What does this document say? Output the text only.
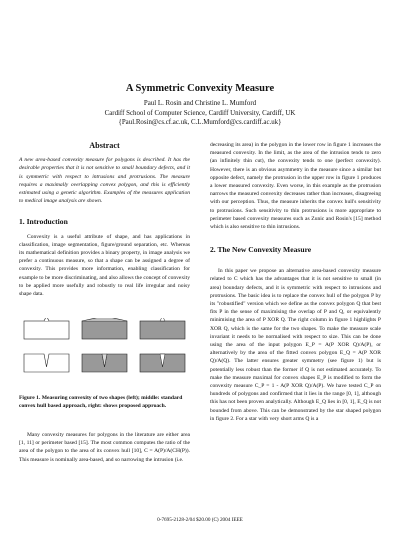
A Symmetric Convexity Measure
Paul L. Rosin and Christine L. Mumford
Cardiff School of Computer Science, Cardiff University, Cardiff, UK
{Paul.Rosin@cs.cf.ac.uk, C.L.Mumford@cs.cardiff.ac.uk}

Abstract

A new area-based convexity measure for polygons is described. It has the desirable properties that it is not sensitive to small boundary defects, and it is symmetric with respect to intrusions and protrusions. The measure requires a maximally overlapping convex polygon, and this is efficiently estimated using a genetic algorithm. Examples of the measures application to medical image analysis are shown.

1. Introduction

Convexity is a useful attribute of shape, and has applications in classification, image segmentation, figure/ground separation, etc. Whereas its mathematical definition provides a binary property, in image analysis we prefer a continuous measure, so that a shape can be assigned a degree of convexity. This provides more information, enabling classification for example to be more discriminating, and also allows the concept of convexity to be applied more usefully and robustly to real life irregular and noisy shape data.

Figure 1. Measuring convexity of two shapes (left); middle: standard convex hull based approach, right: shows proposed approach.

Many convexity measures for polygons in the literature are either area [1, 11] or perimeter based [15]. The most common computes the ratio of the area of the polygon to the area of its convex hull [10], C = A(P)/A(CH(P)). This measure is nominally area-based, and so narrowing the intrusion (i.e.

decreasing its area) in the polygon in the lower row in figure 1 increases the measured convexity. In the limit, as the area of the intrusion tends to zero (an infinitely thin cut), the convexity tends to one (perfect convexity). However, there is an obvious asymmetry in the measure since a similar but opposite defect, namely the protrusion in the upper row in figure 1 produces a lower measured convexity. Even worse, in this example as the protrusion narrows the measured convexity decreases rather than increases, disagreeing with our perception. Thus, the measure inherits the convex hull's sensitivity to protrusions. Such sensitivity to thin protrusions is more appropriate to perimeter based convexity measures such as Zunic and Rosin's [15] method which is also sensitive to thin intrusions.

2. The New Convexity Measure

In this paper we propose an alternative area-based convexity measure related to C which has the advantages that it is not sensitive to small (in area) boundary defects, and it is symmetric with respect to intrusions and protrusions. The basic idea is to replace the convex hull of the polygon P by its "robustified" version which we define as the convex polygon Q that best fits P in the sense of maximising the overlap of P and Q, or equivalently minimising the area of P XOR Q. The right column in figure 1 highlights P XOR Q, which is the same for the two shapes. To make the measure scale invariant it needs to be normalised with respect to size. This can be done using the area of the input polygon E_P = A(P XOR Q)/A(P), or alternatively by the area of the fitted convex polygon E_Q = A(P XOR Q)/A(Q). The latter ensures greater symmetry (see figure 1) but is potentially less robust than the former if Q is not estimated accurately. To make the measure maximal for convex shapes E_P is modified to form the convexity measure C_P = 1 - A(P XOR Q)/A(P). We have tested C_P on hundreds of polygons and confirmed that it lies in the range [0, 1], although this has not been proven analytically. Although E_Q lies in [0, 1], E_Q is not bounded from above. This can be demonstrated by the star shaped polygon in figure 2. For a star with very short arms Q is a

0-7695-2128-2/04 $20.00 (C) 2004 IEEE
